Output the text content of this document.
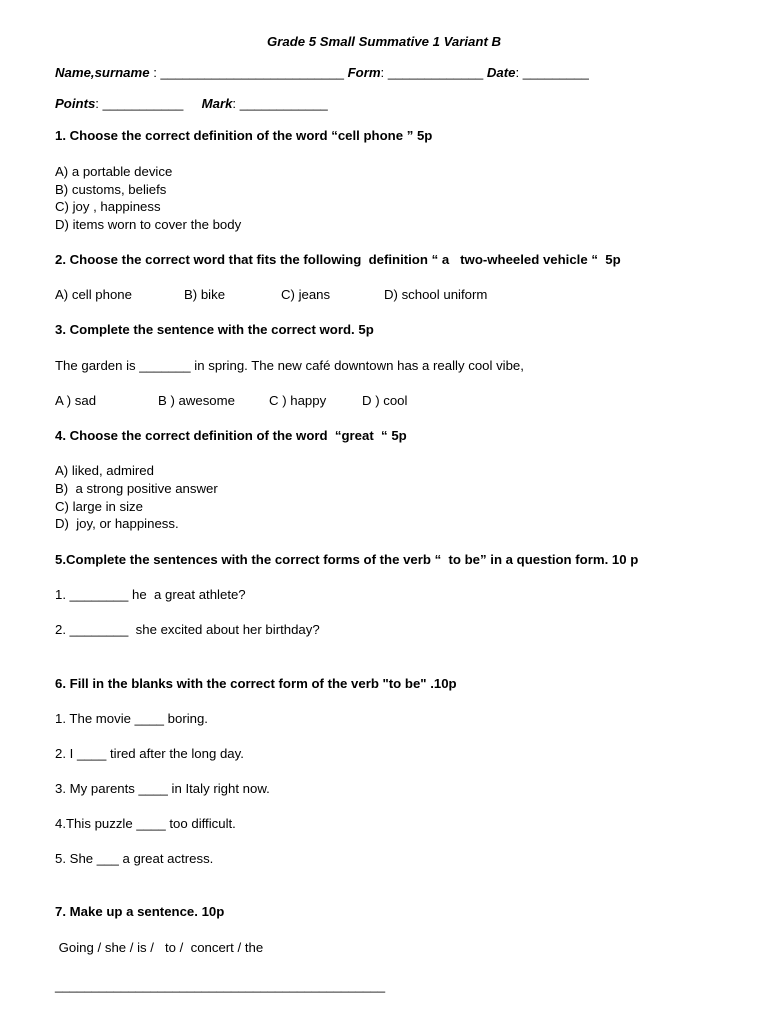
Grade 5 Small Summative 1 Variant B
Name,surname : _________________________ Form: _____________ Date: _________
Points: ___________     Mark: ____________
1. Choose the correct definition of the word “cell phone ” 5p
A) a portable device
B) customs, beliefs
C) joy , happiness
D) items worn to cover the body
2. Choose the correct word that fits the following  definition “ a   two-wheeled vehicle “  5p
A) cell phone	B) bike	C) jeans	D) school uniform
3. Complete the sentence with the correct word. 5p
The garden is _______ in spring. The new café downtown has a really cool vibe,
A ) sad	B ) awesome	C ) happy	D ) cool
4. Choose the correct definition of the word  “great  “ 5p
A) liked, admired
B)  a strong positive answer
C) large in size
D)  joy, or happiness.
5.Complete the sentences with the correct forms of the verb “  to be” in a question form. 10 p
1. ________ he  a great athlete?
2. ________  she excited about her birthday?
6. Fill in the blanks with the correct form of the verb "to be" .10p
1. The movie ____ boring.
2. I ____ tired after the long day.
3. My parents ____ in Italy right now.
4.This puzzle ____ too difficult.
5. She ___ a great actress.
7. Make up a sentence. 10p
Going / she / is /   to /  concert / the
_____________________________________________
